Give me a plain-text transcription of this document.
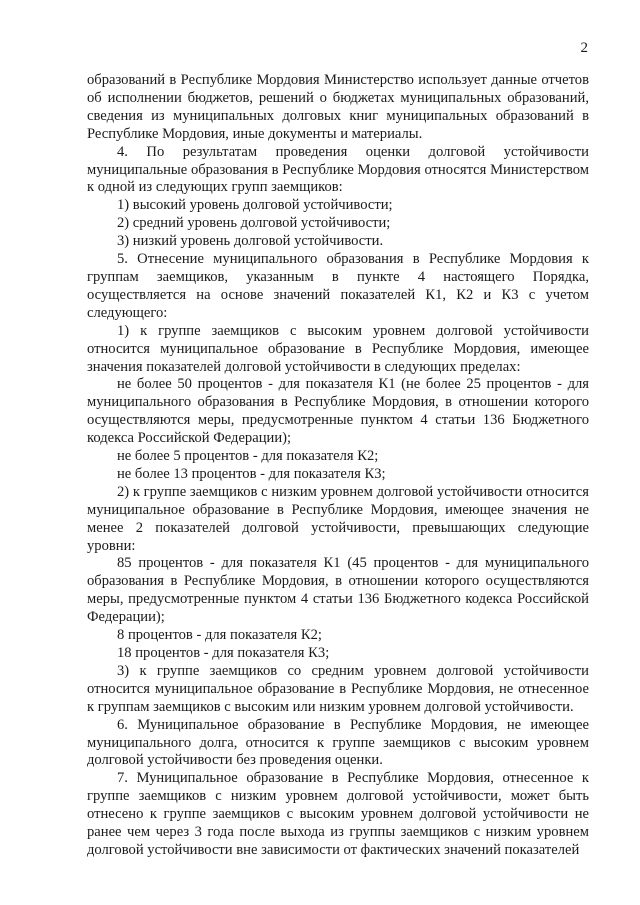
2

образований в Республике Мордовия Министерство использует данные отчетов об исполнении бюджетов, решений о бюджетах муниципальных образований, сведения из муниципальных долговых книг муниципальных образований в Республике Мордовия, иные документы и материалы.

4. По результатам проведения оценки долговой устойчивости муниципальные образования в Республике Мордовия относятся Министерством к одной из следующих групп заемщиков:

1) высокий уровень долговой устойчивости;

2) средний уровень долговой устойчивости;

3) низкий уровень долговой устойчивости.

5. Отнесение муниципального образования в Республике Мордовия к группам заемщиков, указанным в пункте 4 настоящего Порядка, осуществляется на основе значений показателей К1, К2 и К3 с учетом следующего:

1) к группе заемщиков с высоким уровнем долговой устойчивости относится муниципальное образование в Республике Мордовия, имеющее значения показателей долговой устойчивости в следующих пределах:

не более 50 процентов - для показателя К1 (не более 25 процентов - для муниципального образования в Республике Мордовия, в отношении которого осуществляются меры, предусмотренные пунктом 4 статьи 136 Бюджетного кодекса Российской Федерации);

не более 5 процентов - для показателя К2;

не более 13 процентов - для показателя К3;

2) к группе заемщиков с низким уровнем долговой устойчивости относится муниципальное образование в Республике Мордовия, имеющее значения не менее 2 показателей долговой устойчивости, превышающих следующие уровни:

85 процентов - для показателя К1 (45 процентов - для муниципального образования в Республике Мордовия, в отношении которого осуществляются меры, предусмотренные пунктом 4 статьи 136 Бюджетного кодекса Российской Федерации);

8 процентов - для показателя К2;

18 процентов - для показателя К3;

3) к группе заемщиков со средним уровнем долговой устойчивости относится муниципальное образование в Республике Мордовия, не отнесенное к группам заемщиков с высоким или низким уровнем долговой устойчивости.

6. Муниципальное образование в Республике Мордовия, не имеющее муниципального долга, относится к группе заемщиков с высоким уровнем долговой устойчивости без проведения оценки.

7. Муниципальное образование в Республике Мордовия, отнесенное к группе заемщиков с низким уровнем долговой устойчивости, может быть отнесено к группе заемщиков с высоким уровнем долговой устойчивости не ранее чем через 3 года после выхода из группы заемщиков с низким уровнем долговой устойчивости вне зависимости от фактических значений показателей
